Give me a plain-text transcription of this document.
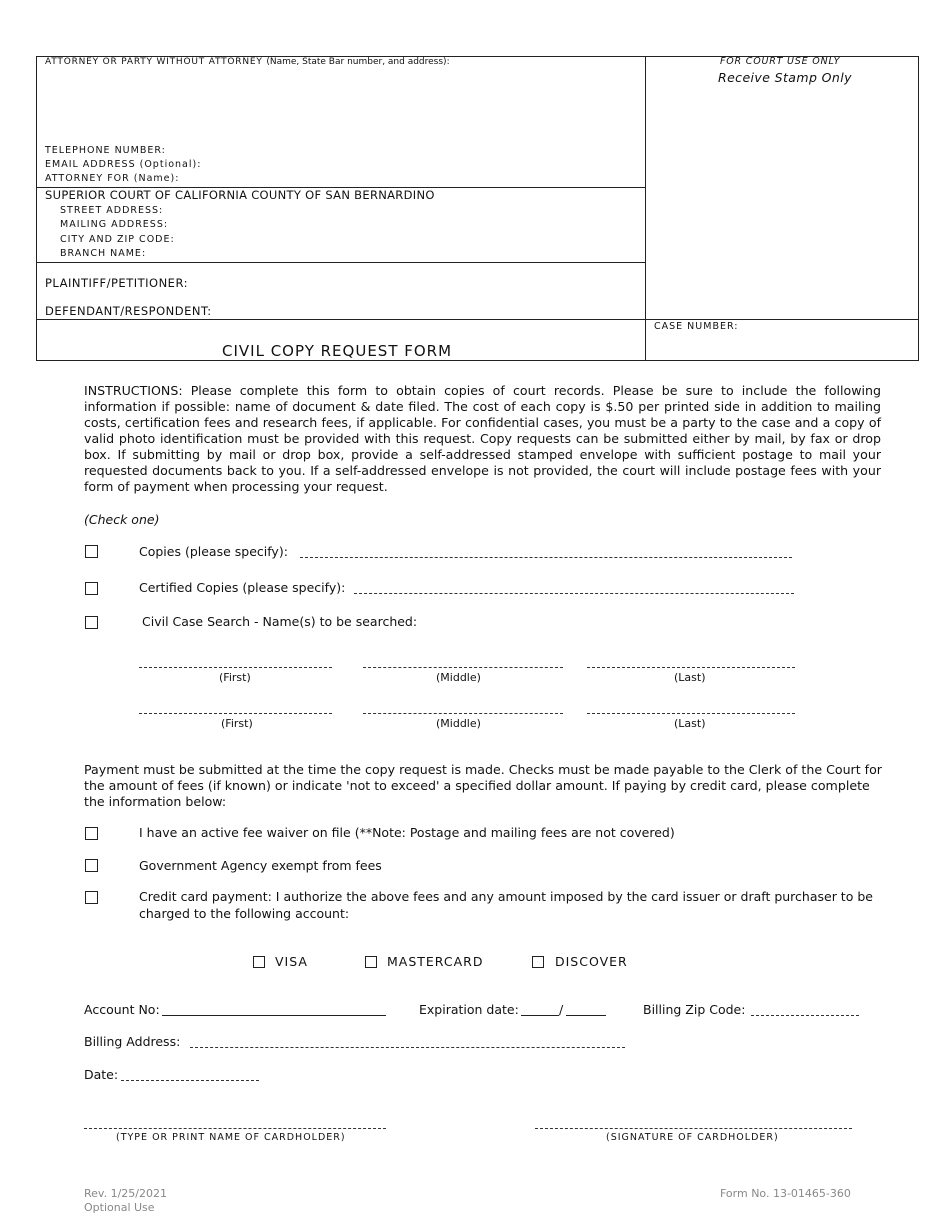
ATTORNEY OR PARTY WITHOUT ATTORNEY (Name, State Bar number, and address):
TELEPHONE NUMBER:
EMAIL ADDRESS (Optional):
ATTORNEY FOR (Name):
SUPERIOR COURT OF CALIFORNIA COUNTY OF SAN BERNARDINO
STREET ADDRESS:
MAILING ADDRESS:
CITY AND ZIP CODE:
BRANCH NAME:
PLAINTIFF/PETITIONER:
DEFENDANT/RESPONDENT:
CIVIL COPY REQUEST FORM
FOR COURT USE ONLY
Receive Stamp Only
CASE NUMBER:
INSTRUCTIONS: Please complete this form to obtain copies of court records. Please be sure to include the following information if possible: name of document & date filed. The cost of each copy is $.50 per printed side in addition to mailing costs, certification fees and research fees, if applicable. For confidential cases, you must be a party to the case and a copy of valid photo identification must be provided with this request. Copy requests can be submitted either by mail, by fax or drop box. If submitting by mail or drop box, provide a self-addressed stamped envelope with sufficient postage to mail your requested documents back to you. If a self-addressed envelope is not provided, the court will include postage fees with your form of payment when processing your request.
(Check one)
Copies (please specify):
Certified Copies (please specify):
Civil Case Search - Name(s) to be searched:
(First)	(Middle)	(Last)
(First)	(Middle)	(Last)
Payment must be submitted at the time the copy request is made. Checks must be made payable to the Clerk of the Court for the amount of fees (if known) or indicate 'not to exceed' a specified dollar amount. If paying by credit card, please complete the information below:
I have an active fee waiver on file (**Note: Postage and mailing fees are not covered)
Government Agency exempt from fees
Credit card payment: I authorize the above fees and any amount imposed by the card issuer or draft purchaser to be
charged to the following account:
VISA	MASTERCARD	DISCOVER
Account No:	Expiration date:	/	Billing Zip Code:
Billing Address:
Date:
(TYPE OR PRINT NAME OF CARDHOLDER)	(SIGNATURE OF CARDHOLDER)
Rev. 1/25/2021
Optional Use
Form No. 13-01465-360
